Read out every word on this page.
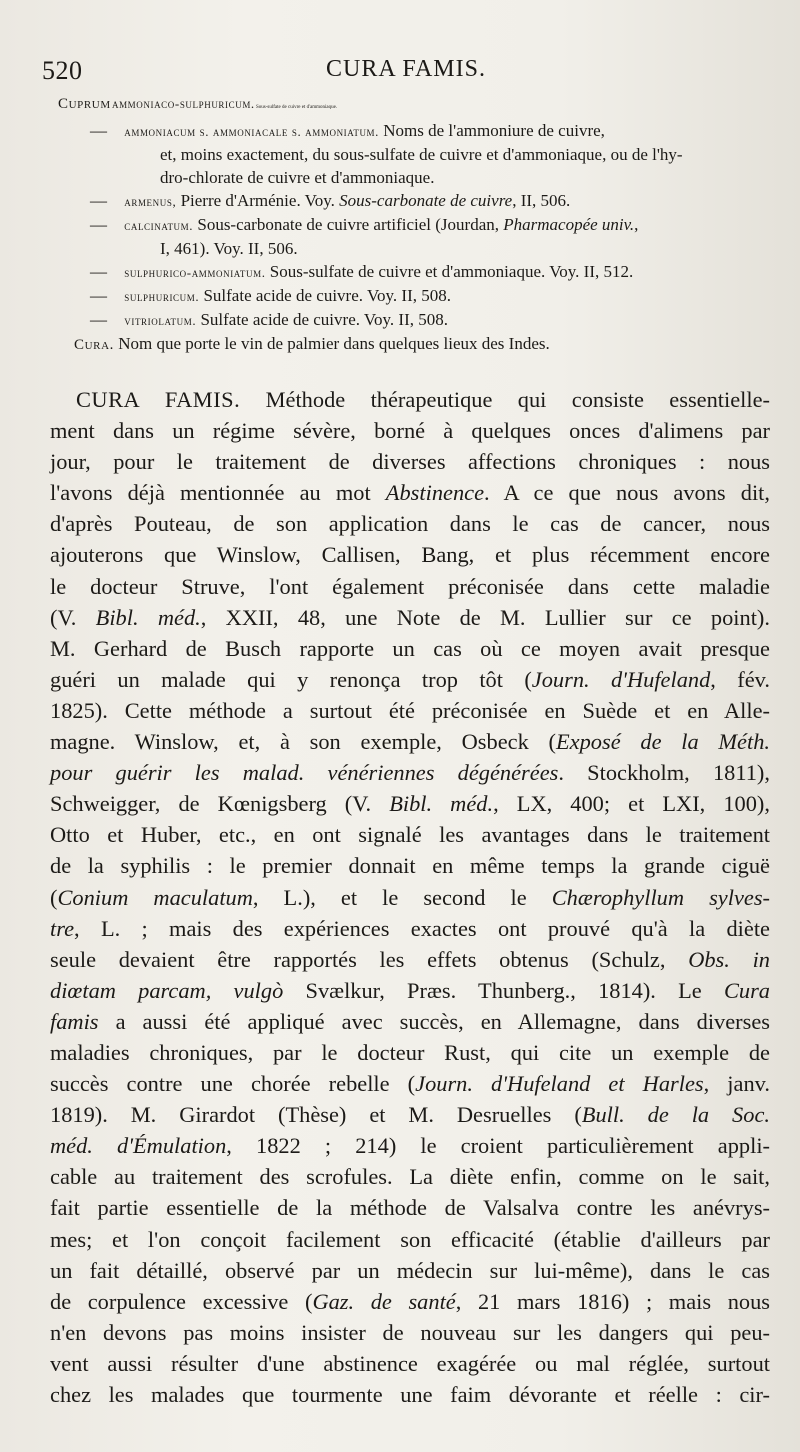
520	CURA FAMIS.
Cuprum ammoniaco-sulphuricum. Sous-sulfate de cuivre et d'ammoniaque.
— ammoniacum s. ammoniacale s. ammoniatum. Noms de l'ammoniure de cuivre,
et, moins exactement, du sous-sulfate de cuivre et d'ammoniaque, ou de l'hy-
dro-chlorate de cuivre et d'ammoniaque.
— armenus, Pierre d'Arménie. Voy. Sous-carbonate de cuivre, II, 506.
— calcinatum. Sous-carbonate de cuivre artificiel (Jourdan, Pharmacopée univ.,
I, 461). Voy. II, 506.
— sulphurico-ammoniatum. Sous-sulfate de cuivre et d'ammoniaque. Voy. II, 512.
— sulphuricum. Sulfate acide de cuivre. Voy. II, 508.
— vitriolatum. Sulfate acide de cuivre. Voy. II, 508.
Cura. Nom que porte le vin de palmier dans quelques lieux des Indes.
CURA FAMIS. Méthode thérapeutique qui consiste essentielle-
ment dans un régime sévère, borné à quelques onces d'alimens par
jour, pour le traitement de diverses affections chroniques : nous
l'avons déjà mentionnée au mot Abstinence. A ce que nous avons dit,
d'après Pouteau, de son application dans le cas de cancer, nous
ajouterons que Winslow, Callisen, Bang, et plus récemment encore
le docteur Struve, l'ont également préconisée dans cette maladie
(V. Bibl. méd., XXII, 48, une Note de M. Lullier sur ce point).
M. Gerhard de Busch rapporte un cas où ce moyen avait presque
guéri un malade qui y renonça trop tôt (Journ. d'Hufeland, fév.
1825). Cette méthode a surtout été préconisée en Suède et en Alle-
magne. Winslow, et, à son exemple, Osbeck (Exposé de la Méth.
pour guérir les malad. vénériennes dégénérées. Stockholm, 1811),
Schweigger, de Kœnigsberg (V. Bibl. méd., LX, 400; et LXI, 100),
Otto et Huber, etc., en ont signalé les avantages dans le traitement
de la syphilis : le premier donnait en même temps la grande ciguë
(Conium maculatum, L.), et le second le Chærophyllum sylves-
tre, L. ; mais des expériences exactes ont prouvé qu'à la diète
seule devaient être rapportés les effets obtenus (Schulz, Obs. in
diœtam parcam, vulgò Svælkur, Præs. Thunberg., 1814). Le Cura
famis a aussi été appliqué avec succès, en Allemagne, dans diverses
maladies chroniques, par le docteur Rust, qui cite un exemple de
succès contre une chorée rebelle (Journ. d'Hufeland et Harles, janv.
1819). M. Girardot (Thèse) et M. Desruelles (Bull. de la Soc.
méd. d'Émulation, 1822 ; 214) le croient particulièrement appli-
cable au traitement des scrofules. La diète enfin, comme on le sait,
fait partie essentielle de la méthode de Valsalva contre les anévrys-
mes; et l'on conçoit facilement son efficacité (établie d'ailleurs par
un fait détaillé, observé par un médecin sur lui-même), dans le cas
de corpulence excessive (Gaz. de santé, 21 mars 1816) ; mais nous
n'en devons pas moins insister de nouveau sur les dangers qui peu-
vent aussi résulter d'une abstinence exagérée ou mal réglée, surtout
chez les malades que tourmente une faim dévorante et réelle : cir-
